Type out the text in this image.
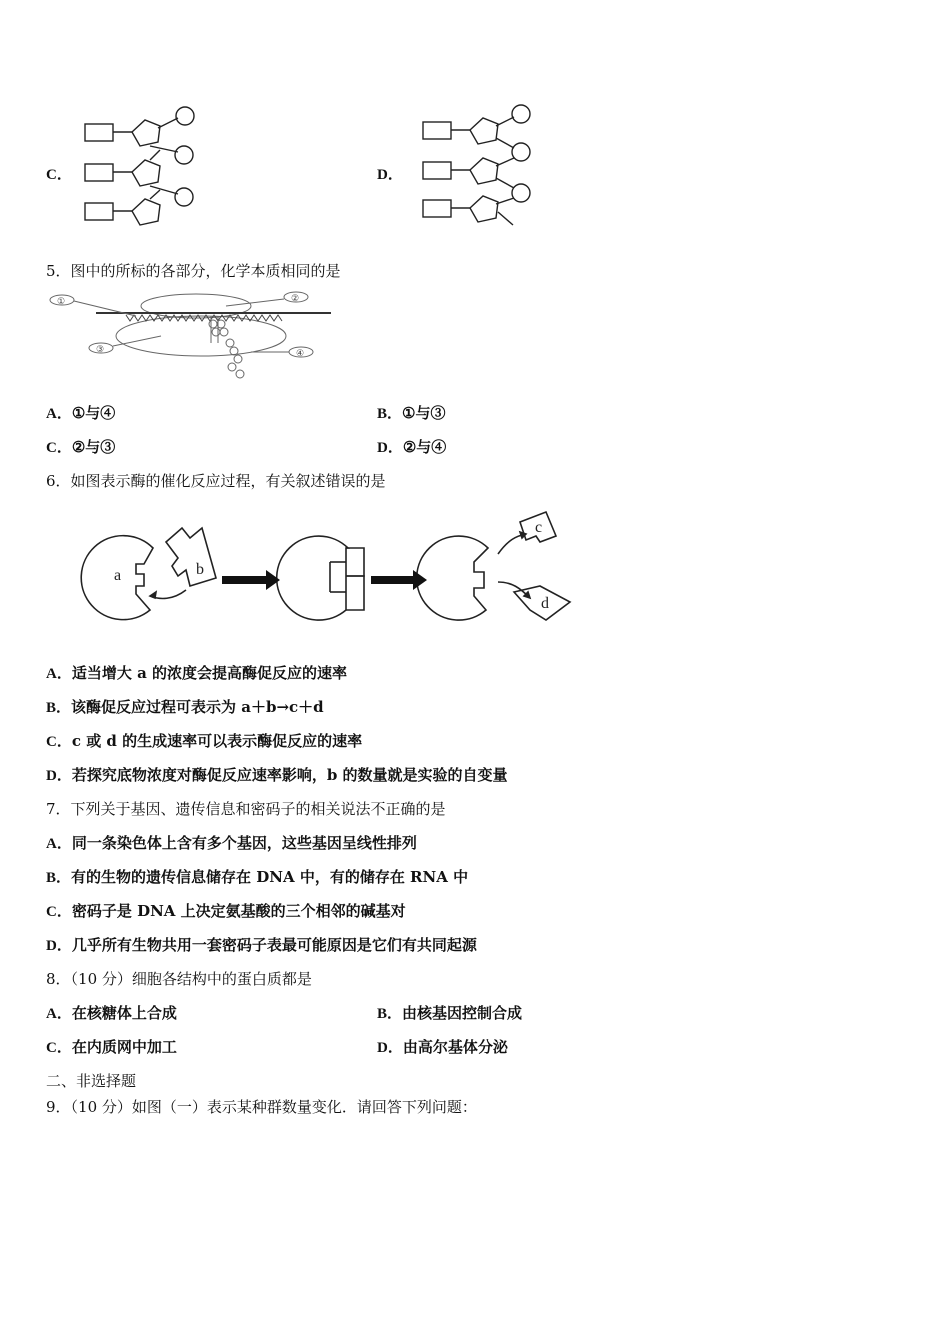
C．	D．
5．图中的所标的各部分，化学本质相同的是
①	②
③	④
A．①与④	B．①与③
C．②与③	D．②与④
6．如图表示酶的催化反应过程，有关叙述错误的是
a	b
c
d
A．适当增大 a 的浓度会提高酶促反应的速率
B．该酶促反应过程可表示为 a＋b→c＋d
C．c 或 d 的生成速率可以表示酶促反应的速率
D．若探究底物浓度对酶促反应速率影响，b 的数量就是实验的自变量
7．下列关于基因、遗传信息和密码子的相关说法不正确的是
A．同一条染色体上含有多个基因，这些基因呈线性排列
B．有的生物的遗传信息储存在 DNA 中，有的储存在 RNA 中
C．密码子是 DNA 上决定氨基酸的三个相邻的碱基对
D．几乎所有生物共用一套密码子表最可能原因是它们有共同起源
8．（10 分）细胞各结构中的蛋白质都是
A．在核糖体上合成	B．由核基因控制合成
C．在内质网中加工	D．由高尔基体分泌
二、非选择题
9．（10 分）如图（一）表示某种群数量变化．请回答下列问题：
